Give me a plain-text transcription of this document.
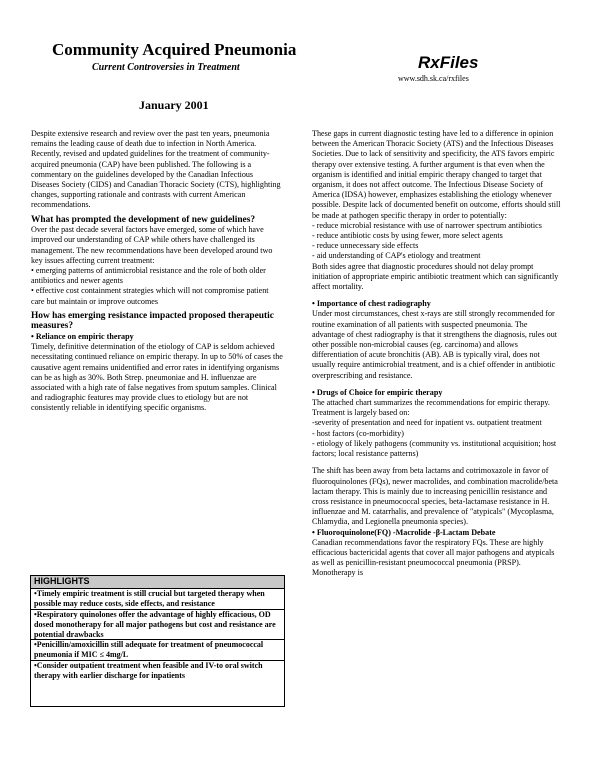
Community Acquired Pneumonia
Current Controversies in Treatment	RxFiles
www.sdh.sk.ca/rxfiles
January 2001

Despite extensive research and review over the past ten years, pneumonia remains the leading cause of death due to infection in North America. Recently, revised and updated guidelines for the treatment of community-acquired pneumonia (CAP) have been published. The following is a commentary on the guidelines developed by the Canadian Infectious Diseases Society (CIDS) and Canadian Thoracic Society (CTS), highlighting changes, supporting rationale and contrasts with current American recommendations.

What has prompted the development of new guidelines?

Over the past decade several factors have emerged, some of which have improved our understanding of CAP while others have challenged its management. The new recommendations have been developed around two key issues affecting current treatment:

• emerging patterns of antimicrobial resistance and the role of both older antibiotics and newer agents

• effective cost containment strategies which will not compromise patient care but maintain or improve outcomes

How has emerging resistance impacted proposed therapeutic measures?

• Reliance on empiric therapy

Timely, definitive determination of the etiology of CAP is seldom achieved necessitating continued reliance on empiric therapy. In up to 50% of cases the causative agent remains unidentified and error rates in identifying organisms can be as high as 30%. Both Strep. pneumoniae and H. influenzae are associated with a high rate of false negatives from sputum samples. Clinical and radiographic features may provide clues to etiology but are not consistently reliable in identifying specific organisms.

HIGHLIGHTS
•Timely empiric treatment is still crucial but targeted therapy when possible may reduce costs, side effects, and resistance
•Respiratory quinolones offer the advantage of highly efficacious, OD dosed monotherapy for all major pathogens but cost and resistance are potential drawbacks
•Penicillin/amoxicillin still adequate for treatment of pneumococcal pneumonia if MIC ≤ 4mg/L
•Consider outpatient treatment when feasible and IV-to oral switch therapy with earlier discharge for inpatients

These gaps in current diagnostic testing have led to a difference in opinion between the American Thoracic Society (ATS) and the Infectious Diseases Societies. Due to lack of sensitivity and specificity, the ATS favors empiric therapy over extensive testing. A further argument is that even when the organism is identified and initial empiric therapy changed to target that organism, it does not affect outcome. The Infectious Disease Society of America (IDSA) however, emphasizes establishing the etiology whenever possible. Despite lack of documented benefit on outcome, efforts should still be made at pathogen specific therapy in order to potentially:

- reduce microbial resistance with use of narrower spectrum antibiotics

- reduce antibiotic costs by using fewer, more select agents

- reduce unnecessary side effects

- aid understanding of CAP's etiology and treatment

Both sides agree that diagnostic procedures should not delay prompt initiation of appropriate empiric antibiotic treatment which can significantly affect mortality.

• Importance of chest radiography

Under most circumstances, chest x-rays are still strongly recommended for routine examination of all patients with suspected pneumonia. The advantage of chest radiography is that it strengthens the diagnosis, rules out other possible non-microbial causes (eg. carcinoma) and allows differentiation of acute bronchitis (AB). AB is typically viral, does not usually require antimicrobial treatment, and is a chief offender in antibiotic overprescribing and resistance.

• Drugs of Choice for empiric therapy

The attached chart summarizes the recommendations for empiric therapy. Treatment is largely based on:

-severity of presentation and need for inpatient vs. outpatient treatment

- host factors (co-morbidity)

- etiology of likely pathogens (community vs. institutional acquisition; host factors; local resistance patterns)

The shift has been away from beta lactams and cotrimoxazole in favor of fluoroquinolones (FQs), newer macrolides, and combination macrolide/beta lactam therapy. This is mainly due to increasing penicillin resistance and cross resistance in pneumococcal species, beta-lactamase resistance in H. influenzae and M. catarrhalis, and prevalence of "atypicals" (Mycoplasma, Chlamydia, and Legionella pneumonia species).

• Fluoroquinolone(FQ) -Macrolide -β-Lactam Debate

Canadian recommendations favor the respiratory FQs. These are highly efficacious bactericidal agents that cover all major pathogens and atypicals as well as penicillin-resistant pneumococcal pneumonia (PRSP). Monotherapy is
